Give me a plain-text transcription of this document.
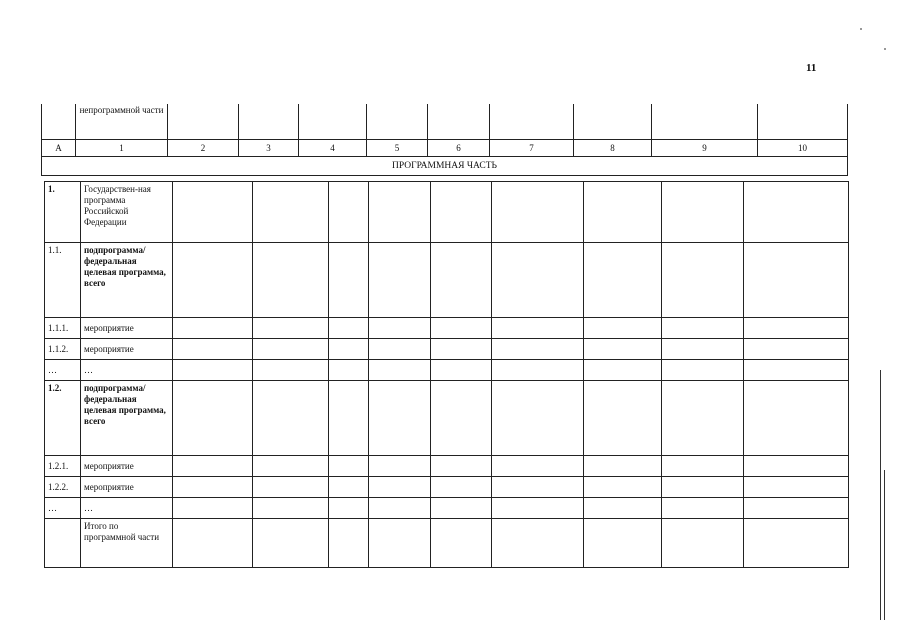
11
	непрограммной части									
А	1	2	3	4	5	6	7	8	9	10
ПРОГРАММНАЯ ЧАСТЬ										
1.	Государствен-ная программа Российской Федерации									
1.1.	подпрограмма/ федеральная целевая программа, всего									
1.1.1.	мероприятие									
1.1.2.	мероприятие									
…	…									
1.2.	подпрограмма/ федеральная целевая программа, всего									
1.2.1.	мероприятие									
1.2.2.	мероприятие									
…	…									
	Итого по программной части									
